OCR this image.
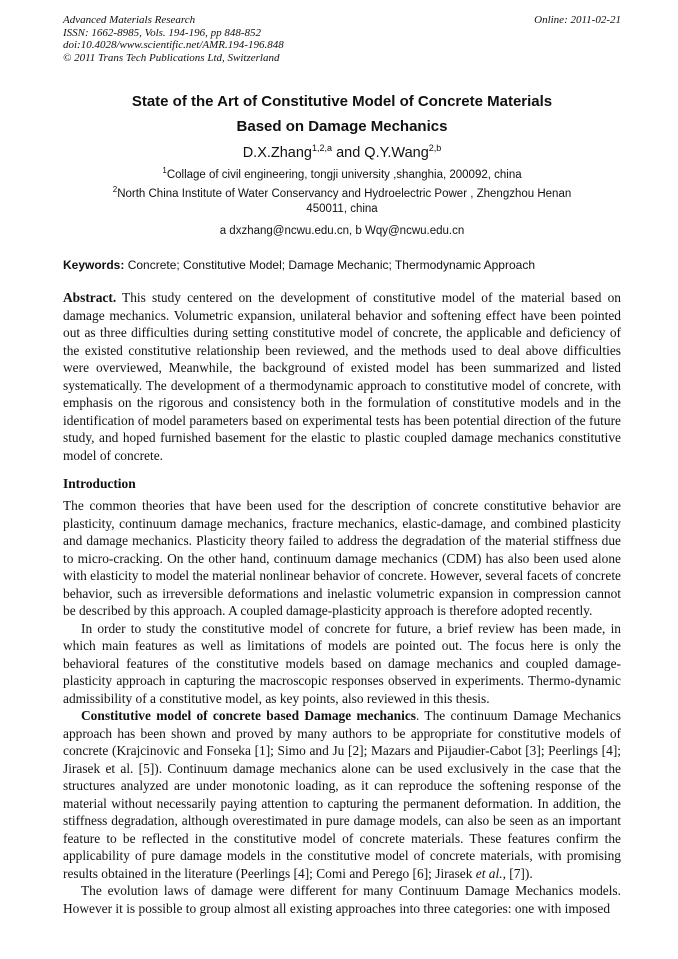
Advanced Materials Research
ISSN: 1662-8985, Vols. 194-196, pp 848-852
doi:10.4028/www.scientific.net/AMR.194-196.848
© 2011 Trans Tech Publications Ltd, Switzerland
Online: 2011-02-21
State of the Art of Constitutive Model of Concrete Materials
Based on Damage Mechanics
D.X.Zhang$^{1,2,a}$ and Q.Y.Wang$^{2,b}$
$^1$Collage of civil engineering, tongji university ,shanghia, 200092, china
$^2$North China Institute of Water Conservancy and Hydroelectric Power , Zhengzhou Henan 450011, china
a dxzhang@ncwu.edu.cn, b Wqy@ncwu.edu.cn

Keywords: Concrete; Constitutive Model; Damage Mechanic; Thermodynamic Approach

Abstract. This study centered on the development of constitutive model of the material based on damage mechanics. Volumetric expansion, unilateral behavior and softening effect have been pointed out as three difficulties during setting constitutive model of concrete, the applicable and deficiency of the existed constitutive relationship been reviewed, and the methods used to deal above difficulties were overviewed, Meanwhile, the background of existed model has been summarized and listed systematically. The development of a thermodynamic approach to constitutive model of concrete, with emphasis on the rigorous and consistency both in the formulation of constitutive models and in the identification of model parameters based on experimental tests has been potential direction of the future study, and hoped furnished basement for the elastic to plastic coupled damage mechanics constitutive model of concrete.

Introduction

The common theories that have been used for the description of concrete constitutive behavior are plasticity, continuum damage mechanics, fracture mechanics, elastic-damage, and combined plasticity and damage mechanics. Plasticity theory failed to address the degradation of the material stiffness due to micro-cracking. On the other hand, continuum damage mechanics (CDM) has also been used alone with elasticity to model the material nonlinear behavior of concrete. However, several facets of concrete behavior, such as irreversible deformations and inelastic volumetric expansion in compression cannot be described by this approach. A coupled damage-plasticity approach is therefore adopted recently.

In order to study the constitutive model of concrete for future, a brief review has been made, in which main features as well as limitations of models are pointed out. The focus here is only the behavioral features of the constitutive models based on damage mechanics and coupled damage-plasticity approach in capturing the macroscopic responses observed in experiments. Thermo-dynamic admissibility of a constitutive model, as key points, also reviewed in this thesis.

Constitutive model of concrete based Damage mechanics. The continuum Damage Mechanics approach has been shown and proved by many authors to be appropriate for constitutive models of concrete (Krajcinovic and Fonseka [1]; Simo and Ju [2]; Mazars and Pijaudier-Cabot [3]; Peerlings [4]; Jirasek et al. [5]). Continuum damage mechanics alone can be used exclusively in the case that the structures analyzed are under monotonic loading, as it can reproduce the softening response of the material without necessarily paying attention to capturing the permanent deformation. In addition, the stiffness degradation, although overestimated in pure damage models, can also be seen as an important feature to be reflected in the constitutive model of concrete materials. These features confirm the applicability of pure damage models in the constitutive model of concrete materials, with promising results obtained in the literature (Peerlings [4]; Comi and Perego [6]; Jirasek et al., [7]).

The evolution laws of damage were different for many Continuum Damage Mechanics models. However it is possible to group almost all existing approaches into three categories: one with imposed
